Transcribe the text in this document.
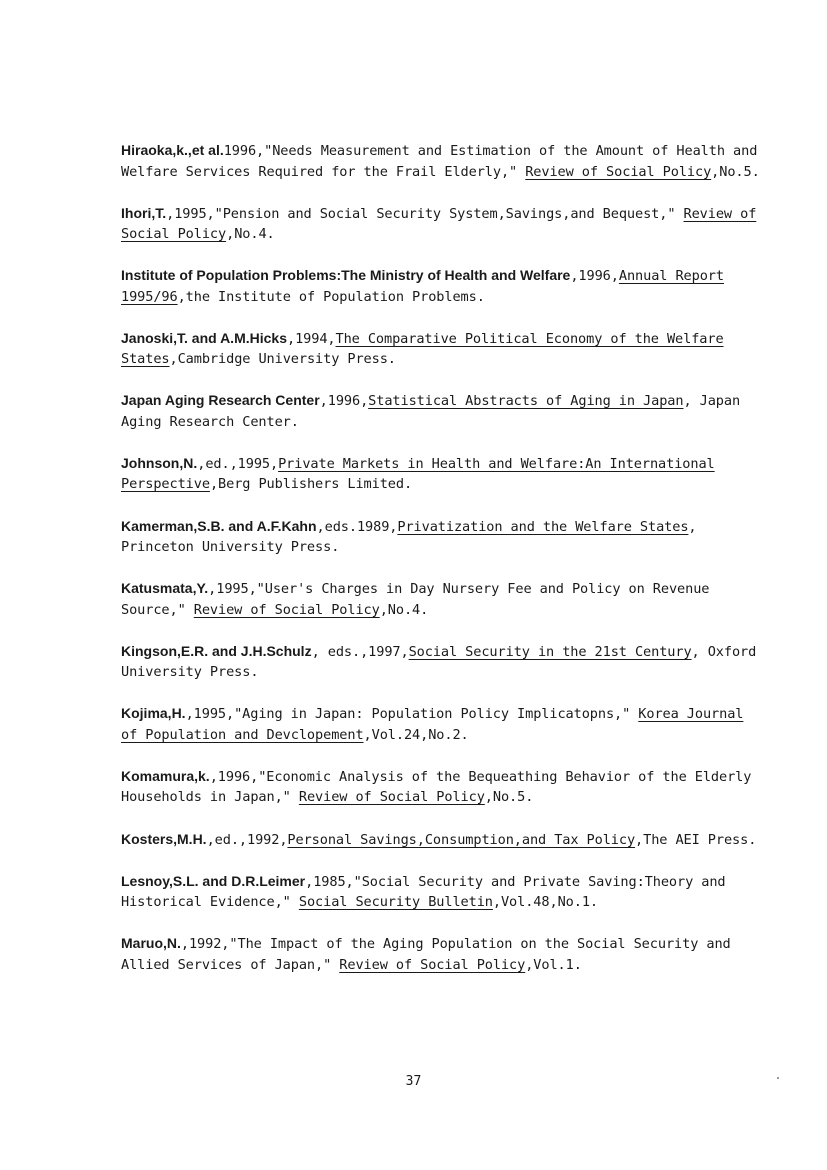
Hiraoka,k.,et al.1996,"Needs Measurement and Estimation of the Amount of Health and Welfare Services Required for the Frail Elderly," Review of Social Policy,No.5.

Ihori,T.,1995,"Pension and Social Security System,Savings,and Bequest," Review of Social Policy,No.4.

Institute of Population Problems:The Ministry of Health and Welfare,1996,Annual Report 1995/96,the Institute of Population Problems.

Janoski,T. and A.M.Hicks,1994,The Comparative Political Economy of the Welfare States,Cambridge University Press.

Japan Aging Research Center,1996,Statistical Abstracts of Aging in Japan, Japan Aging Research Center.

Johnson,N.,ed.,1995,Private Markets in Health and Welfare:An International Perspective,Berg Publishers Limited.

Kamerman,S.B. and A.F.Kahn,eds.1989,Privatization and the Welfare States, Princeton University Press.

Katusmata,Y.,1995,"User's Charges in Day Nursery Fee and Policy on Revenue Source," Review of Social Policy,No.4.

Kingson,E.R. and J.H.Schulz, eds.,1997,Social Security in the 21st Century, Oxford University Press.

Kojima,H.,1995,"Aging in Japan: Population Policy Implicatopns," Korea Journal of Population and Devclopement,Vol.24,No.2.

Komamura,k.,1996,"Economic Analysis of the Bequeathing Behavior of the Elderly Households in Japan," Review of Social Policy,No.5.

Kosters,M.H.,ed.,1992,Personal Savings,Consumption,and Tax Policy,The AEI Press.

Lesnoy,S.L. and D.R.Leimer,1985,"Social Security and Private Saving:Theory and Historical Evidence," Social Security Bulletin,Vol.48,No.1.

Maruo,N.,1992,"The Impact of the Aging Population on the Social Security and Allied Services of Japan," Review of Social Policy,Vol.1.

37
